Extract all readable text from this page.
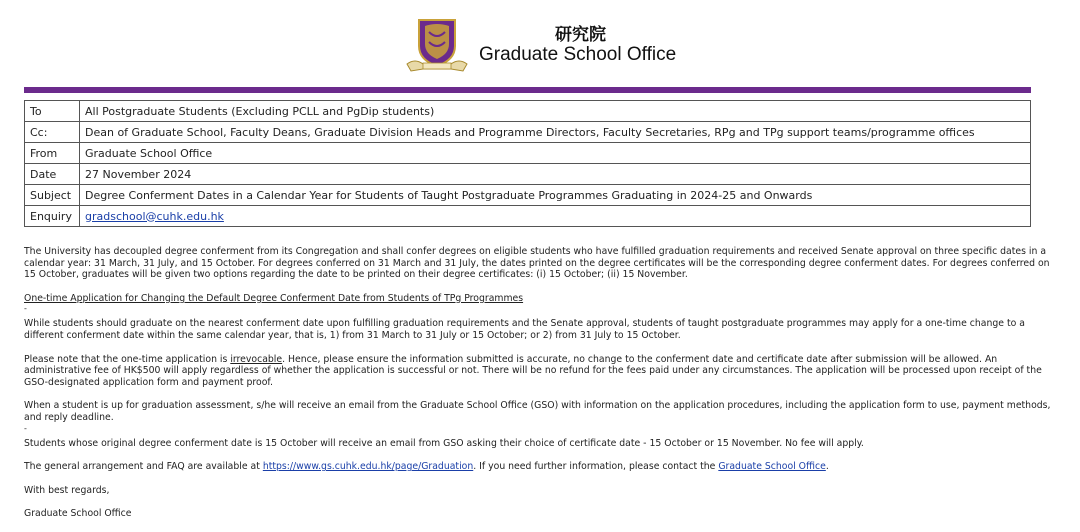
研究院
Graduate School Office
To	All Postgraduate Students (Excluding PCLL and PgDip students)
Cc:	Dean of Graduate School, Faculty Deans, Graduate Division Heads and Programme Directors, Faculty Secretaries, RPg and TPg support teams/programme offices
From	Graduate School Office
Date	27 November 2024
Subject	Degree Conferment Dates in a Calendar Year for Students of Taught Postgraduate Programmes Graduating in 2024-25 and Onwards
Enquiry	gradschool@cuhk.edu.hk

The University has decoupled degree conferment from its Congregation and shall confer degrees on eligible students who have fulfilled graduation requirements and received Senate approval on three specific dates in a calendar year: 31 March, 31 July, and 15 October. For degrees conferred on 31 March and 31 July, the dates printed on the degree certificates will be the corresponding degree conferment dates. For degrees conferred on 15 October, graduates will be given two options regarding the date to be printed on their degree certificates: (i) 15 October; (ii) 15 November.

One-time Application for Changing the Default Degree Conferment Date from Students of TPg Programmes

-

While students should graduate on the nearest conferment date upon fulfilling graduation requirements and the Senate approval, students of taught postgraduate programmes may apply for a one-time change to a different conferment date within the same calendar year, that is, 1) from 31 March to 31 July or 15 October; or 2) from 31 July to 15 October.

Please note that the one-time application is irrevocable. Hence, please ensure the information submitted is accurate, no change to the conferment date and certificate date after submission will be allowed. An administrative fee of HK$500 will apply regardless of whether the application is successful or not. There will be no refund for the fees paid under any circumstances. The application will be processed upon receipt of the GSO-designated application form and payment proof.

When a student is up for graduation assessment, s/he will receive an email from the Graduate School Office (GSO) with information on the application procedures, including the application form to use, payment methods, and reply deadline.

-

Students whose original degree conferment date is 15 October will receive an email from GSO asking their choice of certificate date - 15 October or 15 November. No fee will apply.

The general arrangement and FAQ are available at https://www.gs.cuhk.edu.hk/page/Graduation. If you need further information, please contact the Graduate School Office.

With best regards,

Graduate School Office
